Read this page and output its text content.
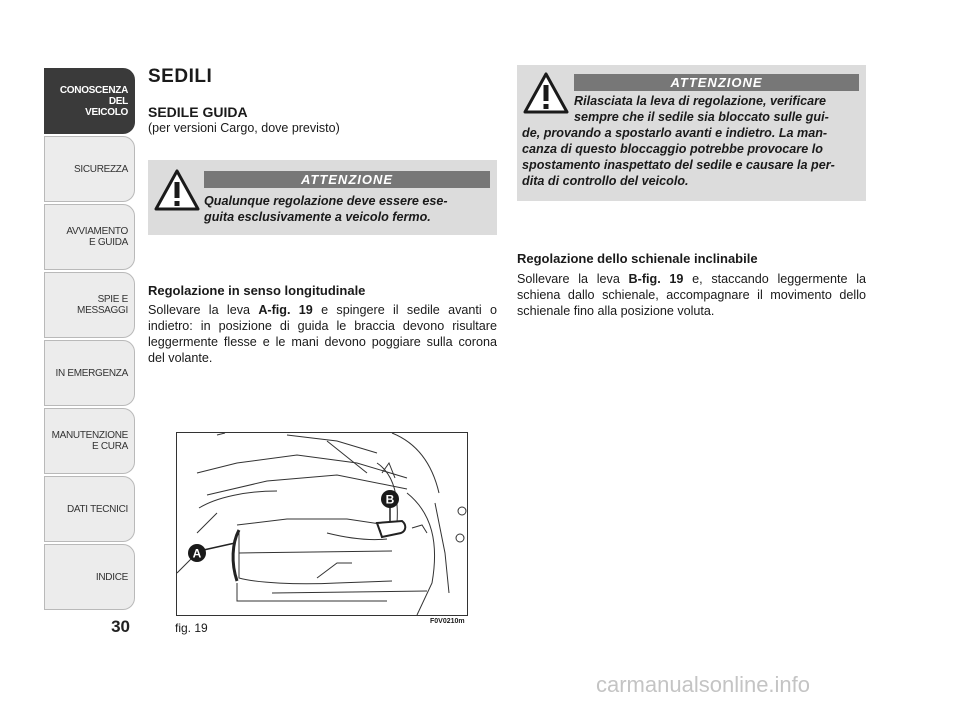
CONOSCENZA
DEL
VEICOLO
SICUREZZA
AVVIAMENTO
E GUIDA
SPIE E
MESSAGGI
IN EMERGENZA
MANUTENZIONE
E CURA
DATI TECNICI
INDICE
30
SEDILI
SEDILE GUIDA
(per versioni Cargo, dove previsto)
ATTENZIONE
Qualunque regolazione deve essere ese-
guita esclusivamente a veicolo fermo.
Regolazione in senso longitudinale
Sollevare la leva A-fig. 19 e spingere il sedile avanti o indietro: in posizione di guida le braccia devono risultare leggermente flesse e le mani devono poggiare sulla corona del volante.
A
B
fig. 19	F0V0210m
ATTENZIONE
Rilasciata la leva di regolazione, verificare
sempre che il sedile sia bloccato sulle gui-
de, provando a spostarlo avanti e indietro. La man-
canza di questo bloccaggio potrebbe provocare lo
spostamento inaspettato del sedile e causare la per-
dita di controllo del veicolo.
Regolazione dello schienale inclinabile
Sollevare la leva B-fig. 19 e, staccando leggermente la schiena dallo schienale, accompagnare il movimento dello schienale fino alla posizione voluta.
carmanualsonline.info
